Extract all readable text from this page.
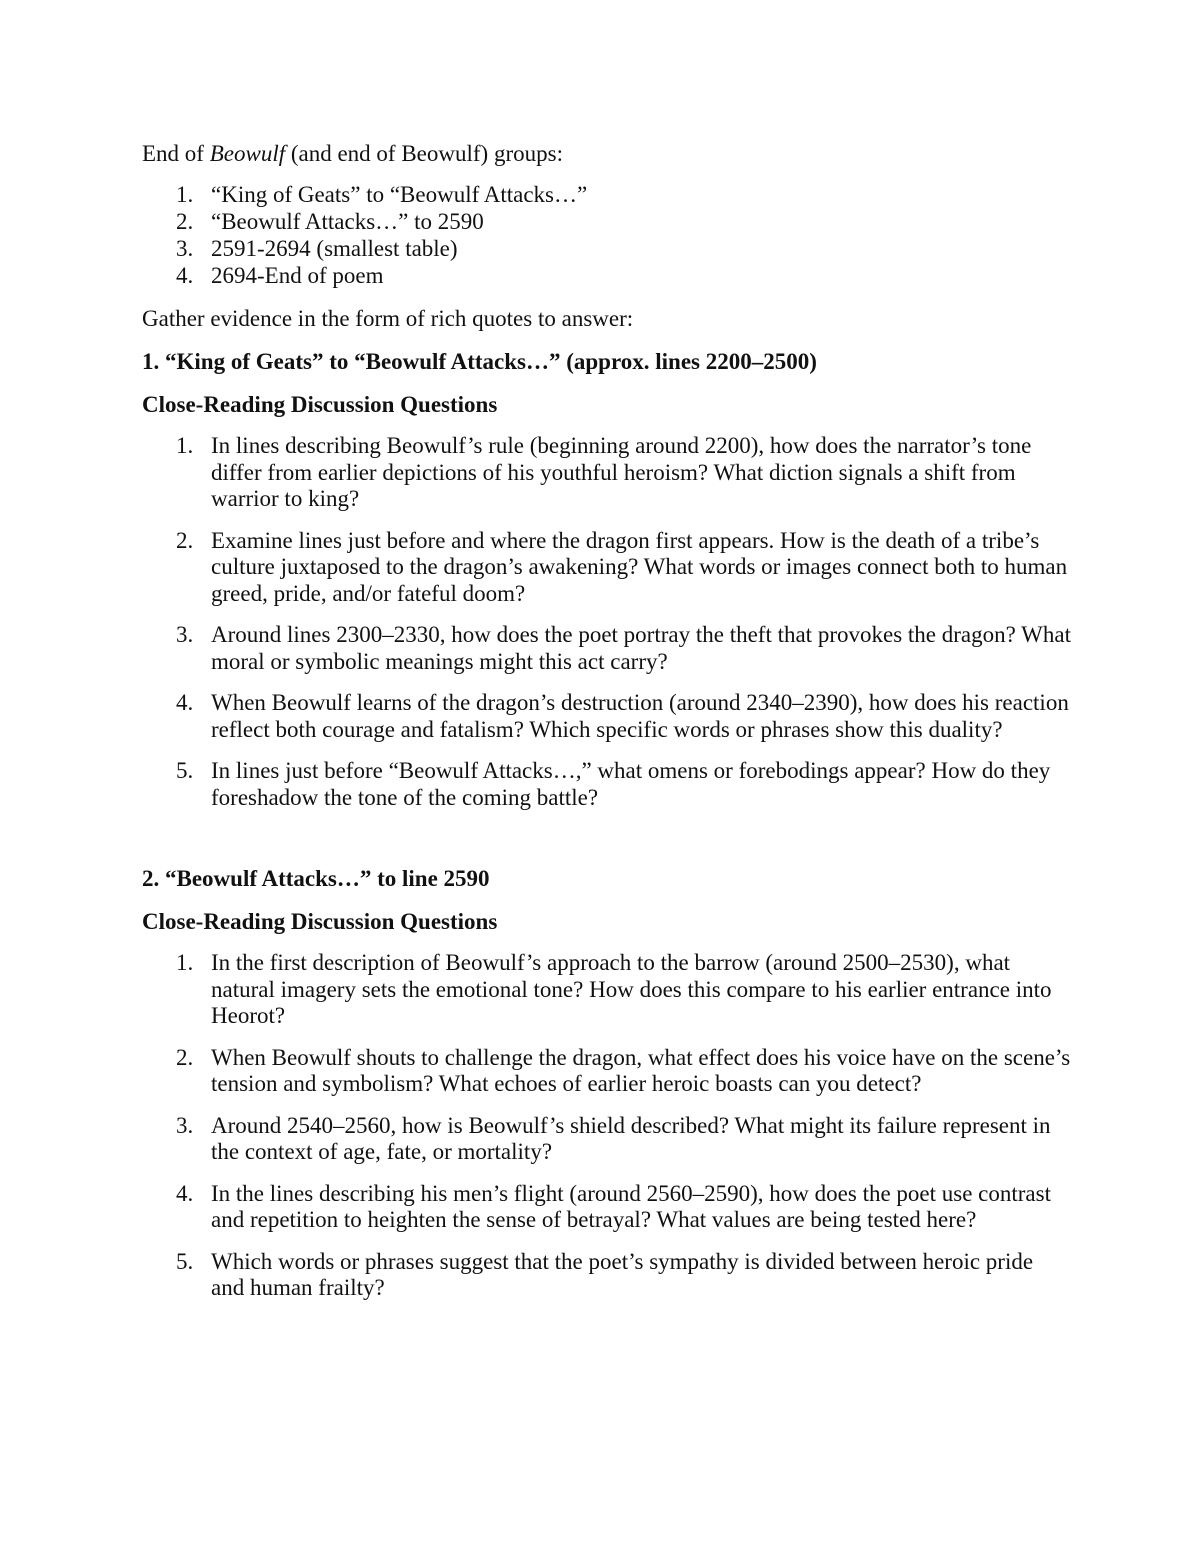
End of Beowulf (and end of Beowulf) groups:

1. “King of Geats” to “Beowulf Attacks…”
2. “Beowulf Attacks…” to 2590
3. 2591-2694 (smallest table)
4. 2694-End of poem

Gather evidence in the form of rich quotes to answer:

1. “King of Geats” to “Beowulf Attacks…” (approx. lines 2200–2500)
Close-Reading Discussion Questions
1. In lines describing Beowulf’s rule (beginning around 2200), how does the narrator’s tone differ from earlier depictions of his youthful heroism? What diction signals a shift from warrior to king?
2. Examine lines just before and where the dragon first appears. How is the death of a tribe’s culture juxtaposed to the dragon’s awakening? What words or images connect both to human greed, pride, and/or fateful doom?
3. Around lines 2300–2330, how does the poet portray the theft that provokes the dragon? What moral or symbolic meanings might this act carry?
4. When Beowulf learns of the dragon’s destruction (around 2340–2390), how does his reaction reflect both courage and fatalism? Which specific words or phrases show this duality?
5. In lines just before “Beowulf Attacks…,” what omens or forebodings appear? How do they foreshadow the tone of the coming battle?
2. “Beowulf Attacks…” to line 2590
Close-Reading Discussion Questions
1. In the first description of Beowulf’s approach to the barrow (around 2500–2530), what natural imagery sets the emotional tone? How does this compare to his earlier entrance into Heorot?
2. When Beowulf shouts to challenge the dragon, what effect does his voice have on the scene’s tension and symbolism? What echoes of earlier heroic boasts can you detect?
3. Around 2540–2560, how is Beowulf’s shield described? What might its failure represent in the context of age, fate, or mortality?
4. In the lines describing his men’s flight (around 2560–2590), how does the poet use contrast and repetition to heighten the sense of betrayal? What values are being tested here?
5. Which words or phrases suggest that the poet’s sympathy is divided between heroic pride and human frailty?
